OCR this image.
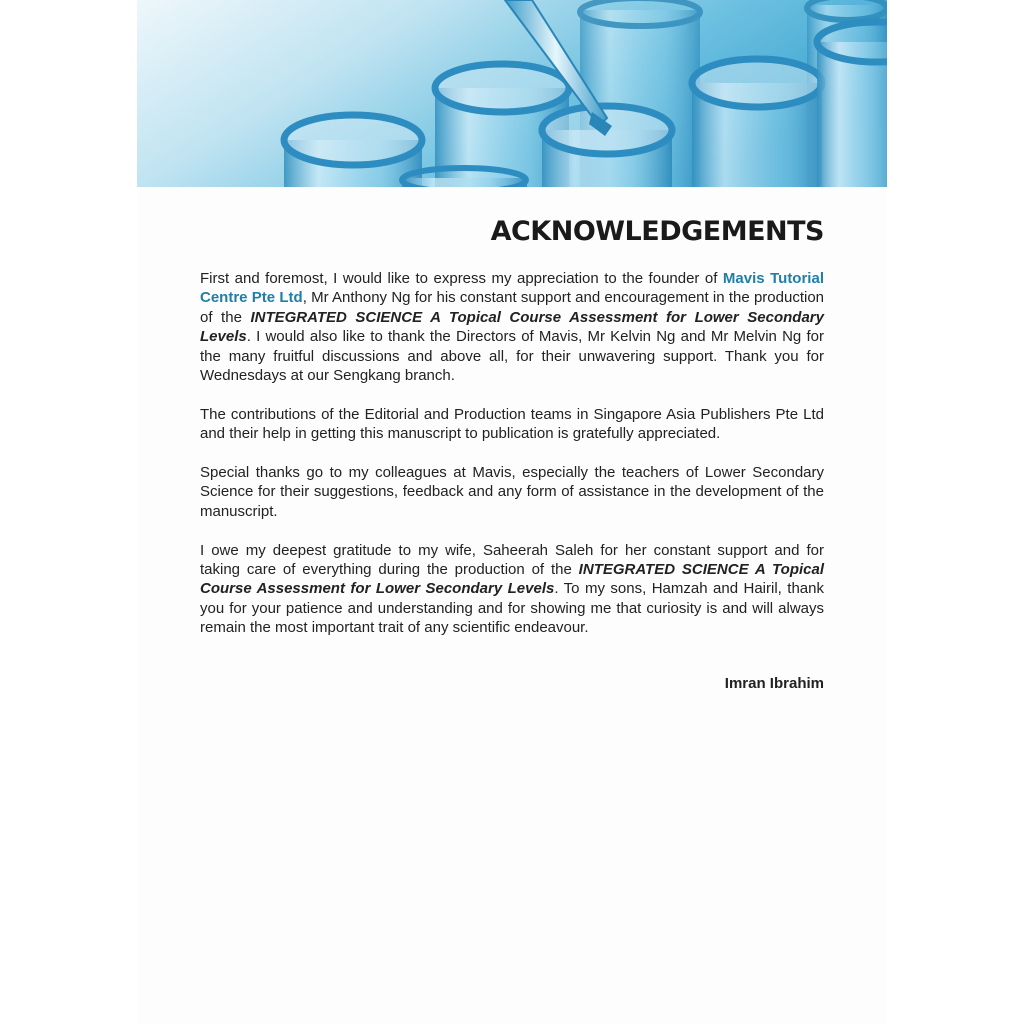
ACKNOWLEDGEMENTS

First and foremost, I would like to express my appreciation to the founder of Mavis Tutorial Centre Pte Ltd, Mr Anthony Ng for his constant support and encouragement in the production of the INTEGRATED SCIENCE A Topical Course Assessment for Lower Secondary Levels. I would also like to thank the Directors of Mavis, Mr Kelvin Ng and Mr Melvin Ng for the many fruitful discussions and above all, for their unwavering support. Thank you for Wednesdays at our Sengkang branch.

The contributions of the Editorial and Production teams in Singapore Asia Publishers Pte Ltd and their help in getting this manuscript to publication is gratefully appreciated.

Special thanks go to my colleagues at Mavis, especially the teachers of Lower Secondary Science for their suggestions, feedback and any form of assistance in the development of the manuscript.

I owe my deepest gratitude to my wife, Saheerah Saleh for her constant support and for taking care of everything during the production of the INTEGRATED SCIENCE A Topical Course Assessment for Lower Secondary Levels. To my sons, Hamzah and Hairil, thank you for your patience and understanding and for showing me that curiosity is and will always remain the most important trait of any scientific endeavour.

Imran Ibrahim
